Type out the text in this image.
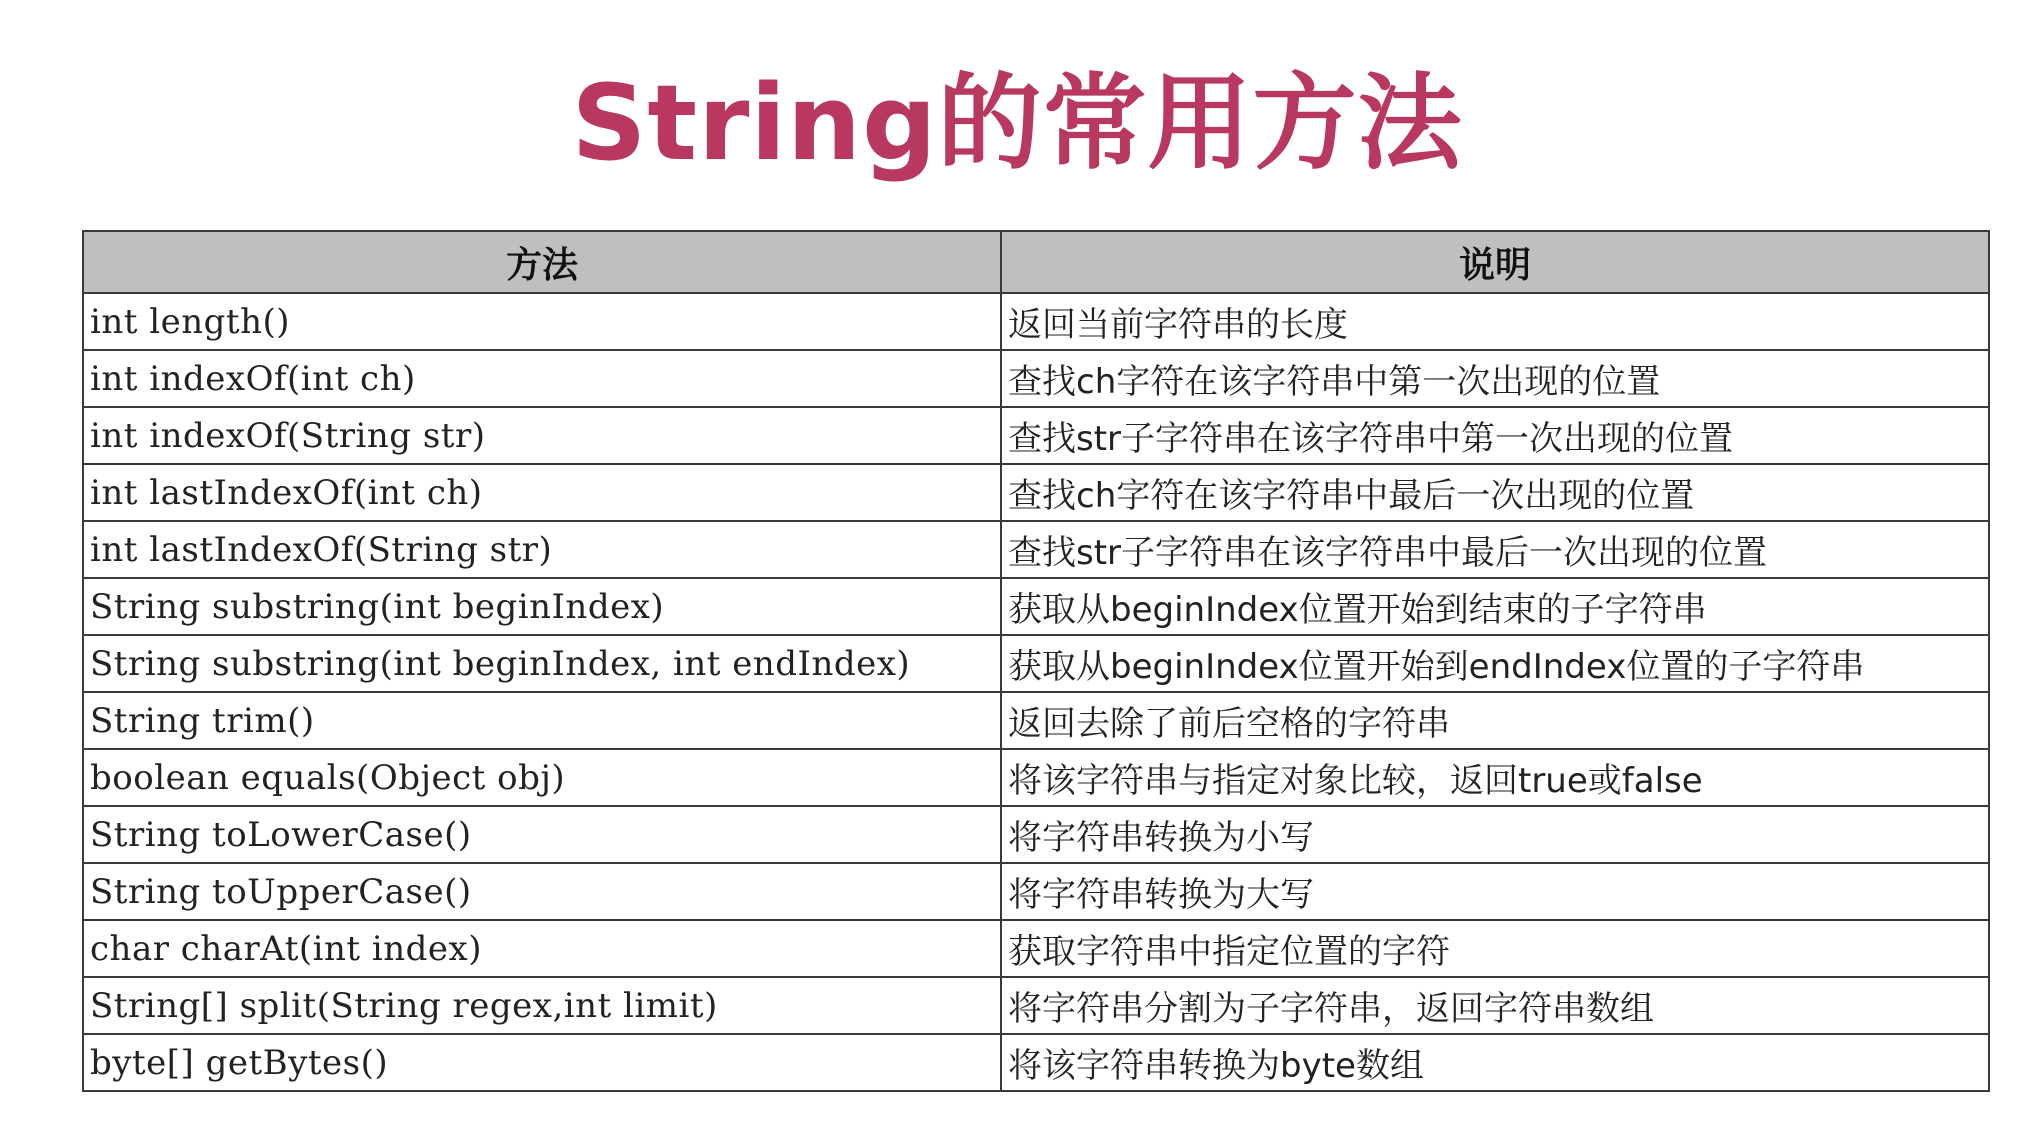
String的常用方法
方法	说明
int length()	返回当前字符串的长度
int indexOf(int ch)	查找ch字符在该字符串中第一次出现的位置
int indexOf(String str)	查找str子字符串在该字符串中第一次出现的位置
int lastIndexOf(int ch)	查找ch字符在该字符串中最后一次出现的位置
int lastIndexOf(String str)	查找str子字符串在该字符串中最后一次出现的位置
String substring(int beginIndex)	获取从beginIndex位置开始到结束的子字符串
String substring(int beginIndex, int endIndex)	获取从beginIndex位置开始到endIndex位置的子字符串
String trim()	返回去除了前后空格的字符串
boolean equals(Object obj)	将该字符串与指定对象比较，返回true或false
String toLowerCase()	将字符串转换为小写
String toUpperCase()	将字符串转换为大写
char charAt(int index)	获取字符串中指定位置的字符
String[] split(String regex,int limit)	将字符串分割为子字符串，返回字符串数组
byte[] getBytes()	将该字符串转换为byte数组
